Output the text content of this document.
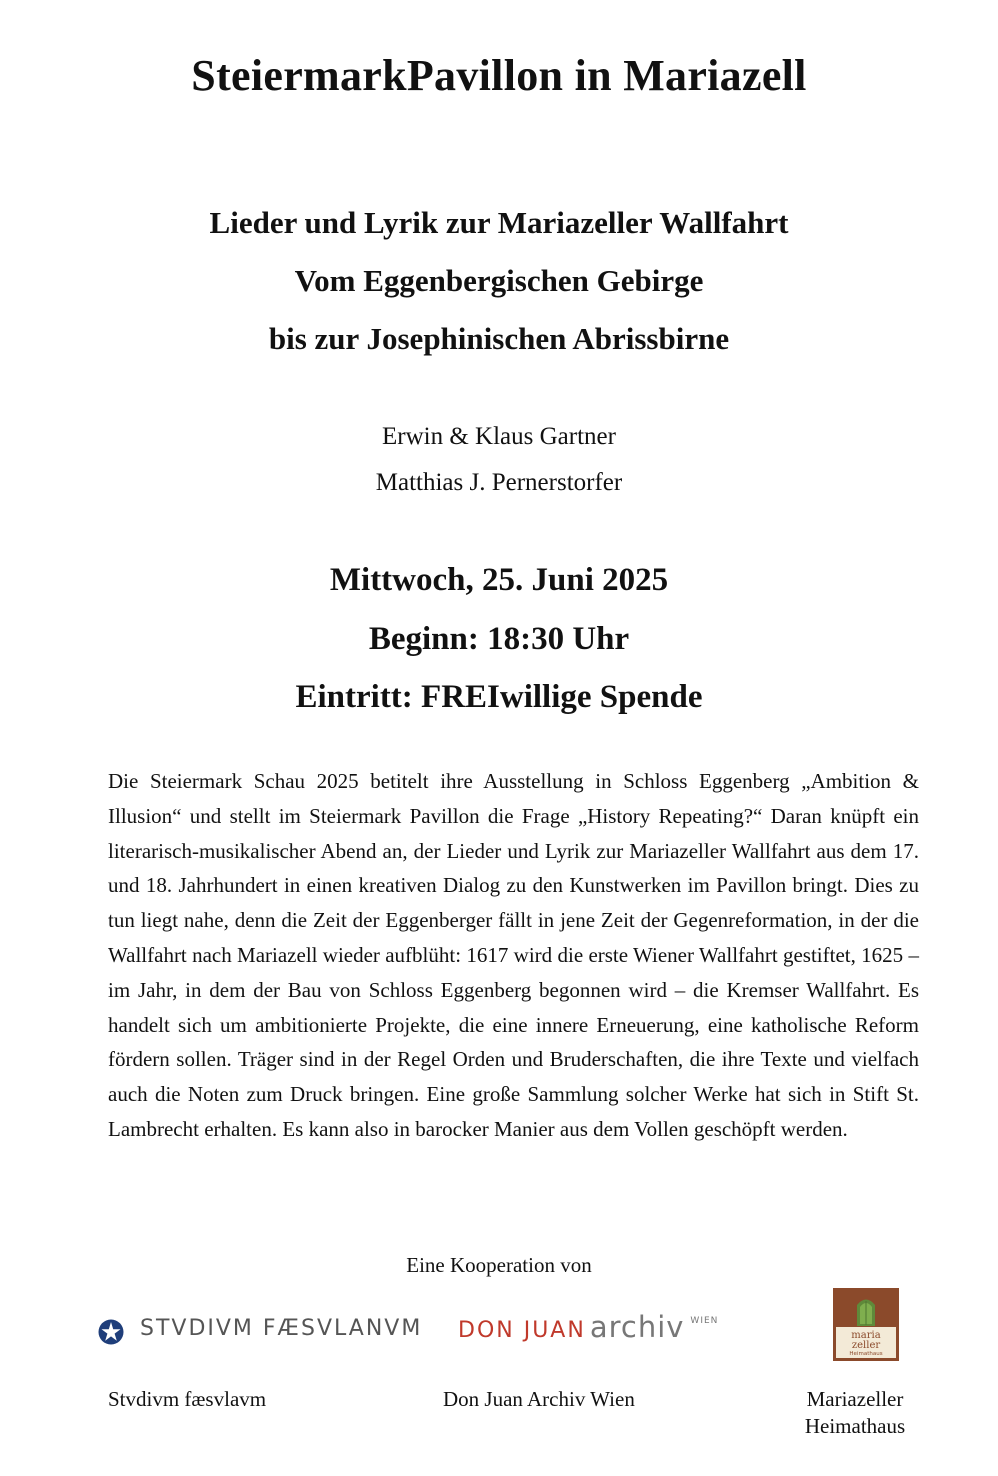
SteiermarkPavillon in Mariazell
Lieder und Lyrik zur Mariazeller Wallfahrt
Vom Eggenbergischen Gebirge
bis zur Josephinischen Abrissbirne
Erwin & Klaus Gartner
Matthias J. Pernerstorfer
Mittwoch, 25. Juni 2025
Beginn: 18:30 Uhr
Eintritt: FREIwillige Spende
Die Steiermark Schau 2025 betitelt ihre Ausstellung in Schloss Eggenberg „Ambition & Illusion“ und stellt im Steiermark Pavillon die Frage „History Repeating?“ Daran knüpft ein literarisch-musikalischer Abend an, der Lieder und Lyrik zur Mariazeller Wallfahrt aus dem 17. und 18. Jahrhundert in einen kreativen Dialog zu den Kunstwerken im Pavillon bringt. Dies zu tun liegt nahe, denn die Zeit der Eggenberger fällt in jene Zeit der Gegenreformation, in der die Wallfahrt nach Mariazell wieder aufblüht: 1617 wird die erste Wiener Wallfahrt gestiftet, 1625 – im Jahr, in dem der Bau von Schloss Eggenberg begonnen wird – die Kremser Wallfahrt. Es handelt sich um ambitionierte Projekte, die eine innere Erneuerung, eine katholische Reform fördern sollen. Träger sind in der Regel Orden und Bruderschaften, die ihre Texte und vielfach auch die Noten zum Druck bringen. Eine große Sammlung solcher Werke hat sich in Stift St. Lambrecht erhalten. Es kann also in barocker Manier aus dem Vollen geschöpft werden.
Eine Kooperation von
STVDIVM FÆSVLANVM DON JUAN archiv $^{WIEN}$
maria
zeller
Heimathaus
Stvdivm fæsvlavm	Don Juan Archiv Wien	Mariazeller
Heimathaus
